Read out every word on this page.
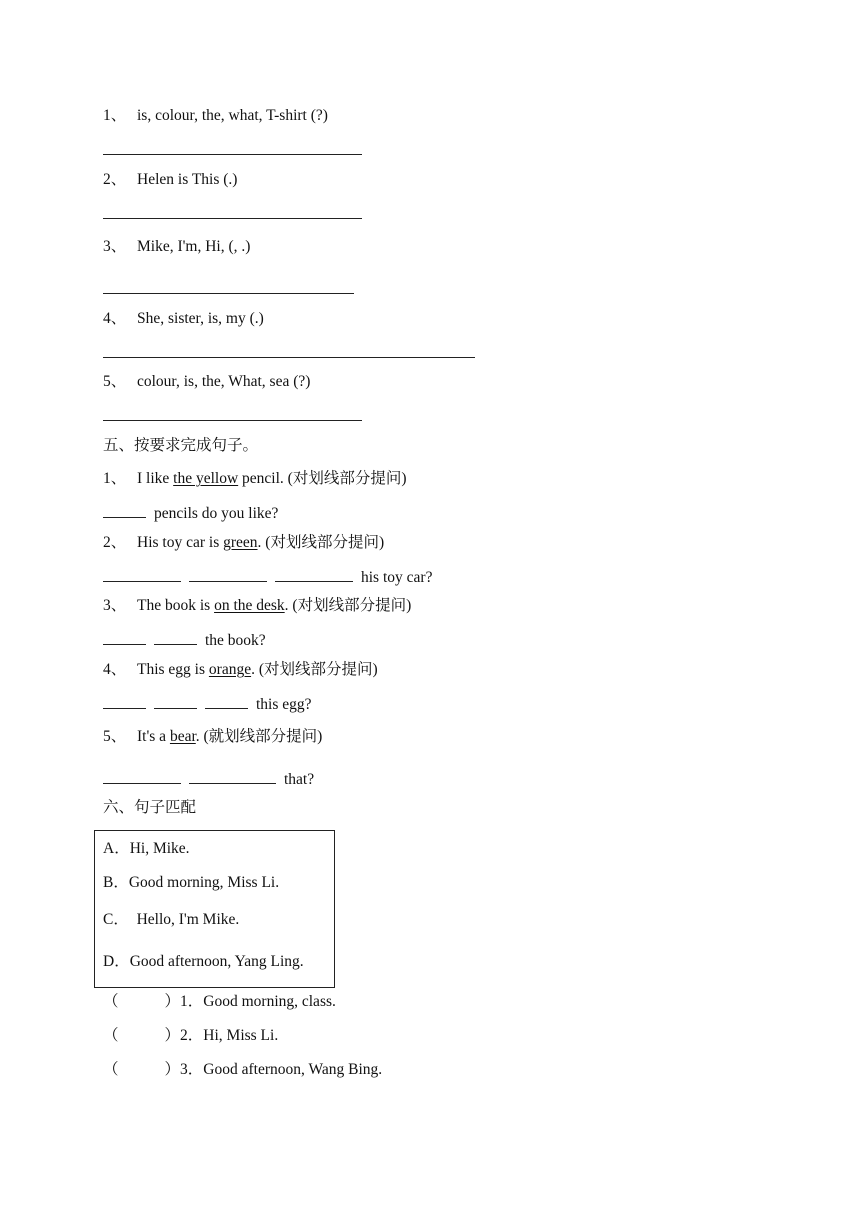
1、 is, colour, the, what, T-shirt (?)
2、 Helen is This (.)
3、 Mike, I'm, Hi, (, .)
4、 She, sister, is, my (.)
5、 colour, is, the, What, sea (?)
五、按要求完成句子。
1、 I like the yellow pencil. (对划线部分提问)
pencils do you like?
2、 His toy car is green. (对划线部分提问)
his toy car?
3、 The book is on the desk. (对划线部分提问)
the book?
4、 This egg is orange. (对划线部分提问)
this egg?
5、 It's a bear. (就划线部分提问)
that?
六、句子匹配
A．Hi, Mike.
B．Good morning, Miss Li.
C．  Hello, I'm Mike.
D．Good afternoon, Yang Ling.
（	）1．Good morning, class.
（	）2．Hi, Miss Li.
（	）3．Good afternoon, Wang Bing.
